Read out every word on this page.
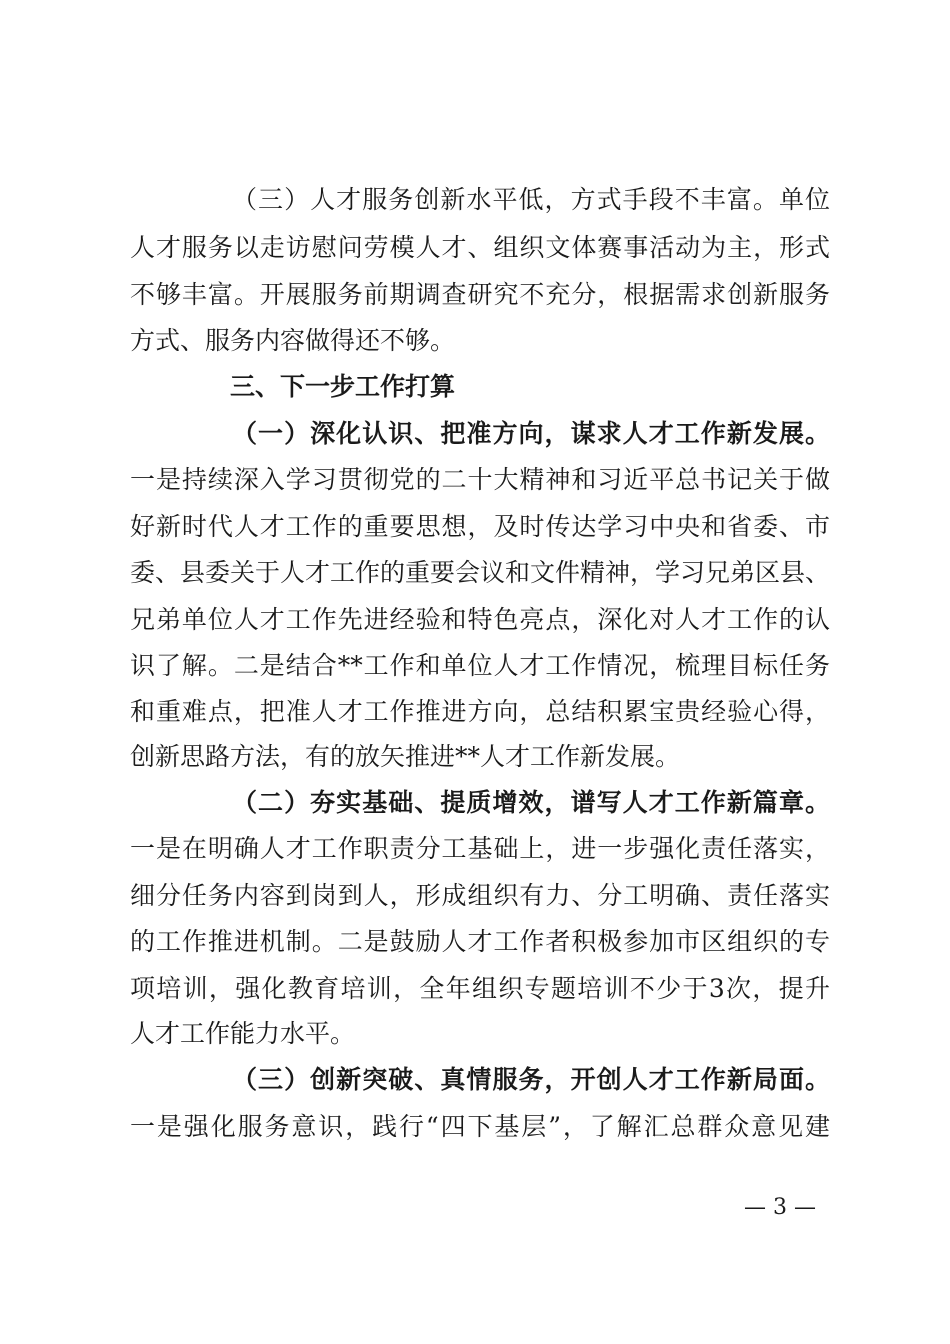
（三）人才服务创新水平低，方式手段不丰富。单位
人才服务以走访慰问劳模人才、组织文体赛事活动为主，形式
不够丰富。开展服务前期调查研究不充分，根据需求创新服务
方式、服务内容做得还不够。
三、下一步工作打算
（一）深化认识、把准方向，谋求人才工作新发展。
一是持续深入学习贯彻党的二十大精神和习近平总书记关于做
好新时代人才工作的重要思想，及时传达学习中央和省委、市
委、县委关于人才工作的重要会议和文件精神，学习兄弟区县、
兄弟单位人才工作先进经验和特色亮点，深化对人才工作的认
识了解。二是结合**工作和单位人才工作情况，梳理目标任务
和重难点，把准人才工作推进方向，总结积累宝贵经验心得，
创新思路方法，有的放矢推进**人才工作新发展。
（二）夯实基础、提质增效，谱写人才工作新篇章。
一是在明确人才工作职责分工基础上，进一步强化责任落实，
细分任务内容到岗到人，形成组织有力、分工明确、责任落实
的工作推进机制。二是鼓励人才工作者积极参加市区组织的专
项培训，强化教育培训，全年组织专题培训不少于3次，提升
人才工作能力水平。
（三）创新突破、真情服务，开创人才工作新局面。
一是强化服务意识，践行“四下基层”，了解汇总群众意见建
— 3 —
